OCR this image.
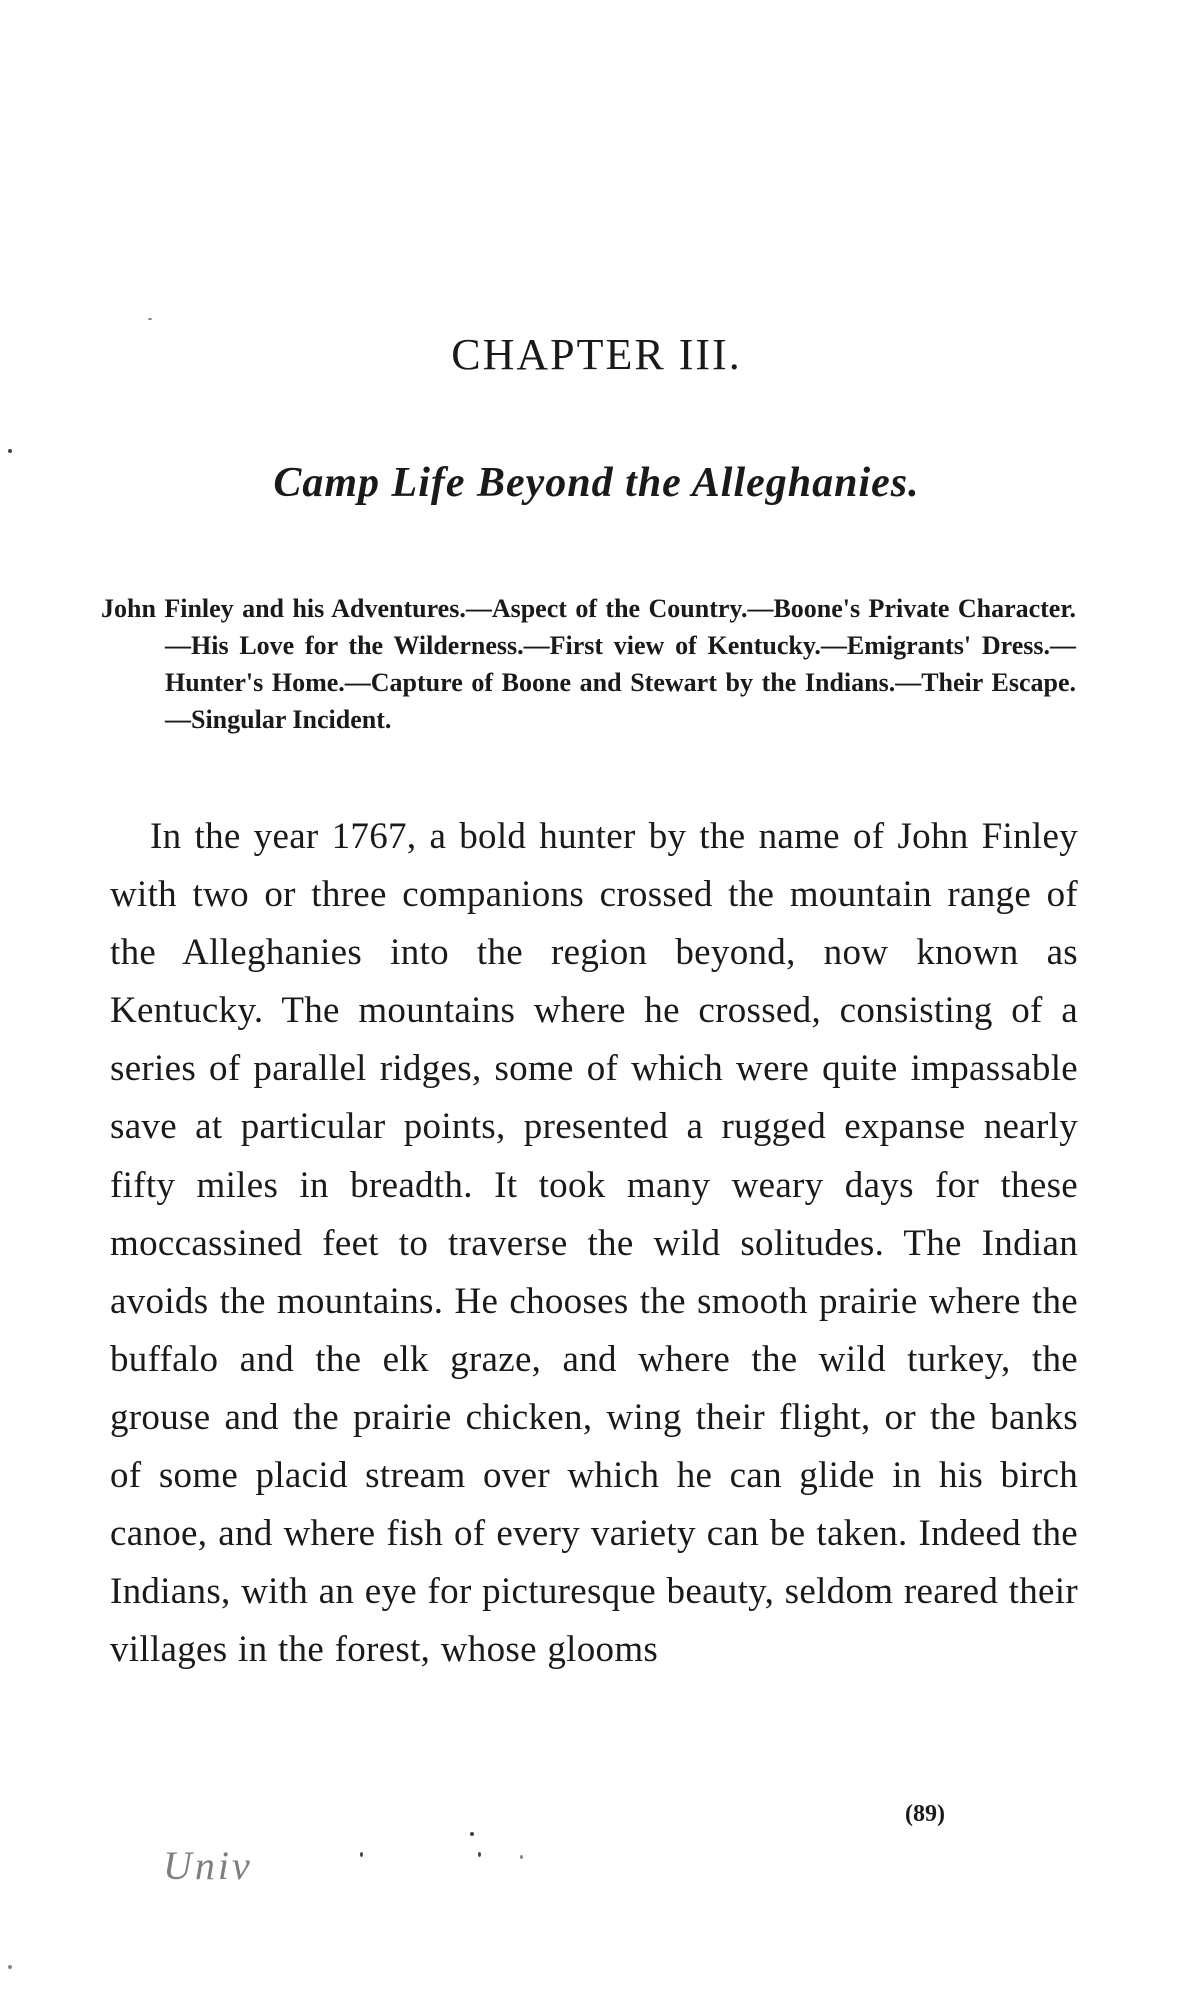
CHAPTER III.
Camp Life Beyond the Alleghanies.

John Finley and his Adventures.—Aspect of the Country.—Boone's Private Character.—His Love for the Wilderness.—First view of Kentucky.—Emigrants' Dress.—Hunter's Home.—Capture of Boone and Stewart by the Indians.—Their Escape.—Singular Incident.

In the year 1767, a bold hunter by the name of John Finley with two or three companions crossed the mountain range of the Alleghanies into the region beyond, now known as Kentucky. The mountains where he crossed, consisting of a series of parallel ridges, some of which were quite impassable save at particular points, presented a rugged expanse nearly fifty miles in breadth. It took many weary days for these moccassined feet to traverse the wild solitudes. The Indian avoids the mountains. He chooses the smooth prairie where the buffalo and the elk graze, and where the wild turkey, the grouse and the prairie chicken, wing their flight, or the banks of some placid stream over which he can glide in his birch canoe, and where fish of every variety can be taken. Indeed the Indians, with an eye for picturesque beauty, seldom reared their villages in the forest, whose glooms

(89)
Univ
